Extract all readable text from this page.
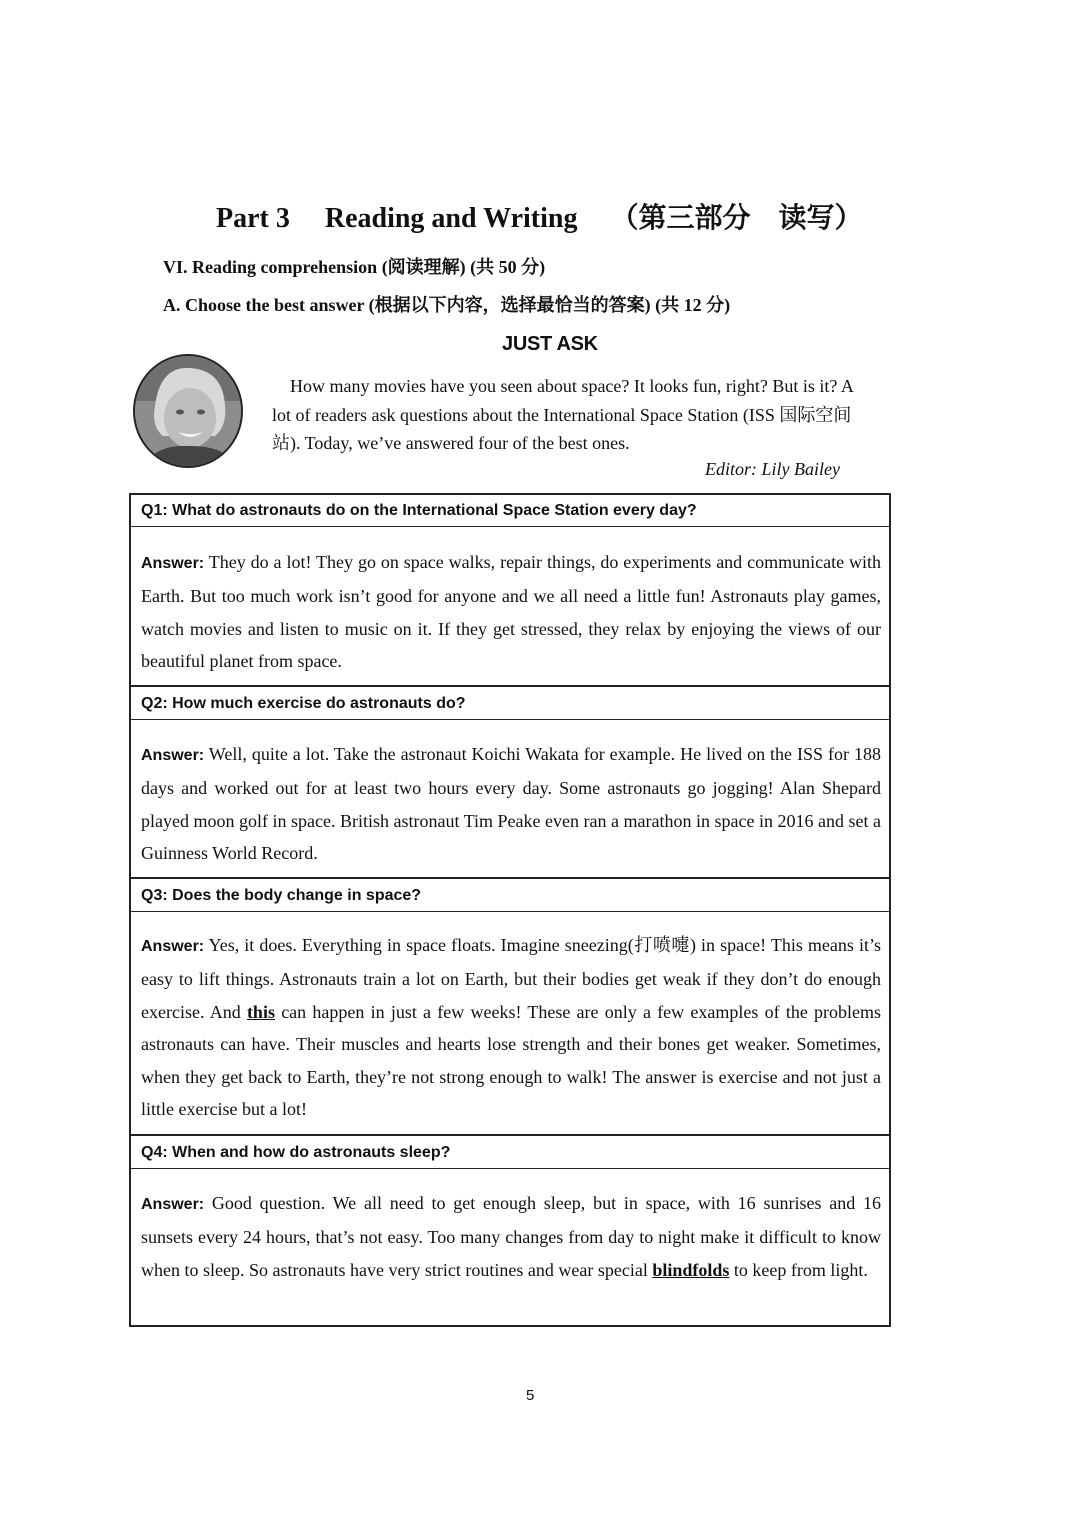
Part 3 Reading and Writing （第三部分　读写）
VI. Reading comprehension (阅读理解) (共 50 分)
A. Choose the best answer (根据以下内容，选择最恰当的答案) (共 12 分)
JUST ASK

How many movies have you seen about space? It looks fun, right? But is it? A lot of readers ask questions about the International Space Station (ISS 国际空间站). Today, we’ve answered four of the best ones.

Editor: Lily Bailey
Q1: What do astronauts do on the International Space Station every day?

Answer: They do a lot! They go on space walks, repair things, do experiments and communicate with Earth. But too much work isn’t good for anyone and we all need a little fun! Astronauts play games, watch movies and listen to music on it. If they get stressed, they relax by enjoying the views of our beautiful planet from space.

Q2: How much exercise do astronauts do?

Answer: Well, quite a lot. Take the astronaut Koichi Wakata for example. He lived on the ISS for 188 days and worked out for at least two hours every day. Some astronauts go jogging! Alan Shepard played moon golf in space. British astronaut Tim Peake even ran a marathon in space in 2016 and set a Guinness World Record.

Q3: Does the body change in space?

Answer: Yes, it does. Everything in space floats. Imagine sneezing(打喷嚏) in space! This means it’s easy to lift things. Astronauts train a lot on Earth, but their bodies get weak if they don’t do enough exercise. And this can happen in just a few weeks! These are only a few examples of the problems astronauts can have. Their muscles and hearts lose strength and their bones get weaker. Sometimes, when they get back to Earth, they’re not strong enough to walk! The answer is exercise and not just a little exercise but a lot!

Q4: When and how do astronauts sleep?

Answer: Good question. We all need to get enough sleep, but in space, with 16 sunrises and 16 sunsets every 24 hours, that’s not easy. Too many changes from day to night make it difficult to know when to sleep. So astronauts have very strict routines and wear special blindfolds to keep from light.

5
